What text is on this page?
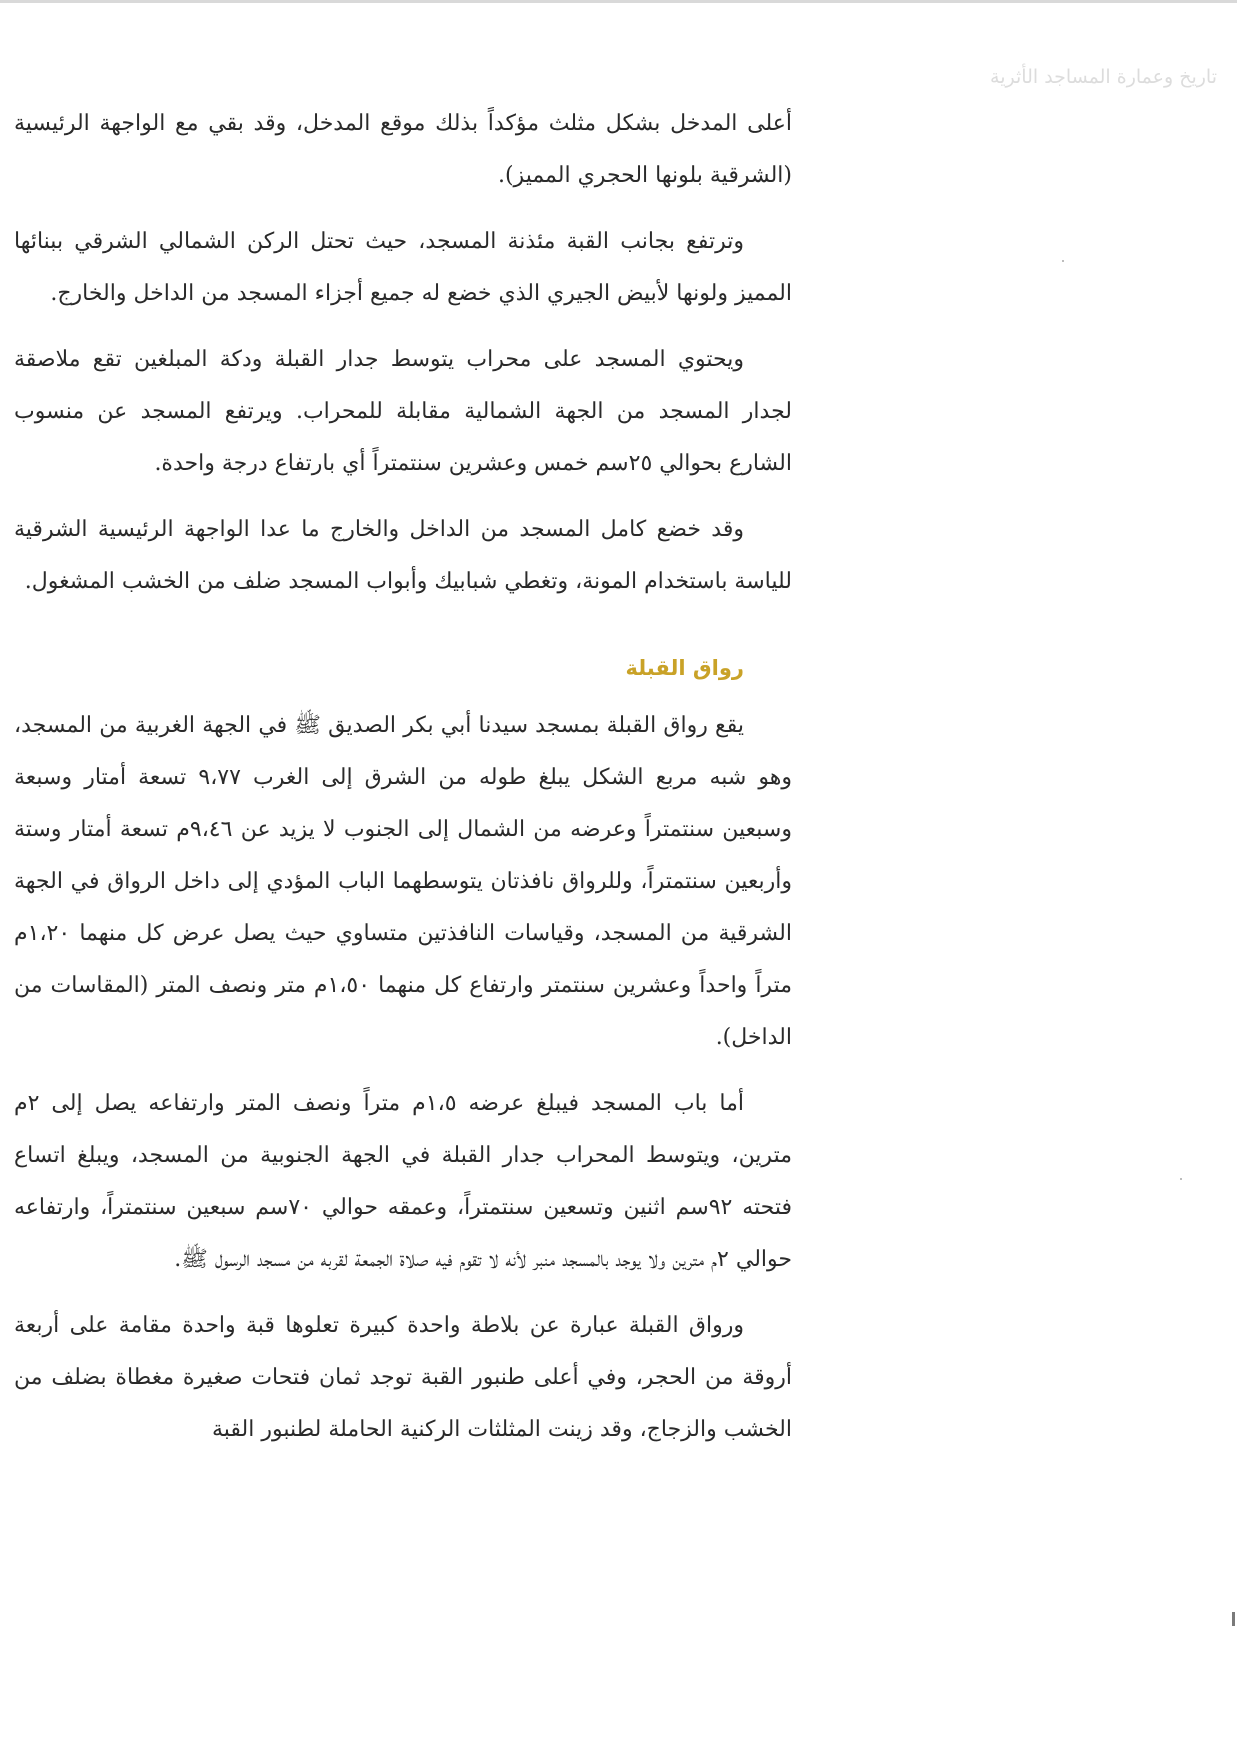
تاريخ وعمارة المساجد الأثرية

أعلى المدخل بشكل مثلث مؤكداً بذلك موقع المدخل، وقد بقي مع الواجهة الرئيسية (الشرقية بلونها الحجري المميز).

وترتفع بجانب القبة مئذنة المسجد، حيث تحتل الركن الشمالي الشرقي ببنائها المميز ولونها لأبيض الجيري الذي خضع له جميع أجزاء المسجد من الداخل والخارج.

ويحتوي المسجد على محراب يتوسط جدار القبلة ودكة المبلغين تقع ملاصقة لجدار المسجد من الجهة الشمالية مقابلة للمحراب. ويرتفع المسجد عن منسوب الشارع بحوالي ٢٥سم خمس وعشرين سنتمتراً أي بارتفاع درجة واحدة.

وقد خضع كامل المسجد من الداخل والخارج ما عدا الواجهة الرئيسية الشرقية للياسة باستخدام المونة، وتغطي شبابيك وأبواب المسجد ضلف من الخشب المشغول.

رواق القبلة

يقع رواق القبلة بمسجد سيدنا أبي بكر الصديق ﷺ في الجهة الغربية من المسجد، وهو شبه مربع الشكل يبلغ طوله من الشرق إلى الغرب ٩،٧٧ تسعة أمتار وسبعة وسبعين سنتمتراً وعرضه من الشمال إلى الجنوب لا يزيد عن ٩،٤٦م تسعة أمتار وستة وأربعين سنتمتراً، وللرواق نافذتان يتوسطهما الباب المؤدي إلى داخل الرواق في الجهة الشرقية من المسجد، وقياسات النافذتين متساوي حيث يصل عرض كل منهما ١،٢٠م متراً واحداً وعشرين سنتمتر وارتفاع كل منهما ١،٥٠م متر ونصف المتر (المقاسات من الداخل).

أما باب المسجد فيبلغ عرضه ١،٥م متراً ونصف المتر وارتفاعه يصل إلى ٢م مترين، ويتوسط المحراب جدار القبلة في الجهة الجنوبية من المسجد، ويبلغ اتساع فتحته ٩٢سم اثنين وتسعين سنتمتراً، وعمقه حوالي ٧٠سم سبعين سنتمتراً، وارتفاعه حوالي ٢م مترين ولا يوجد بالمسجد منبر لأنه لا تقوم فيه صلاة الجمعة لقربه من مسجد الرسول ﷺ.

ورواق القبلة عبارة عن بلاطة واحدة كبيرة تعلوها قبة واحدة مقامة على أربعة أروقة من الحجر، وفي أعلى طنبور القبة توجد ثمان فتحات صغيرة مغطاة بضلف من الخشب والزجاج، وقد زينت المثلثات الركنية الحاملة لطنبور القبة
